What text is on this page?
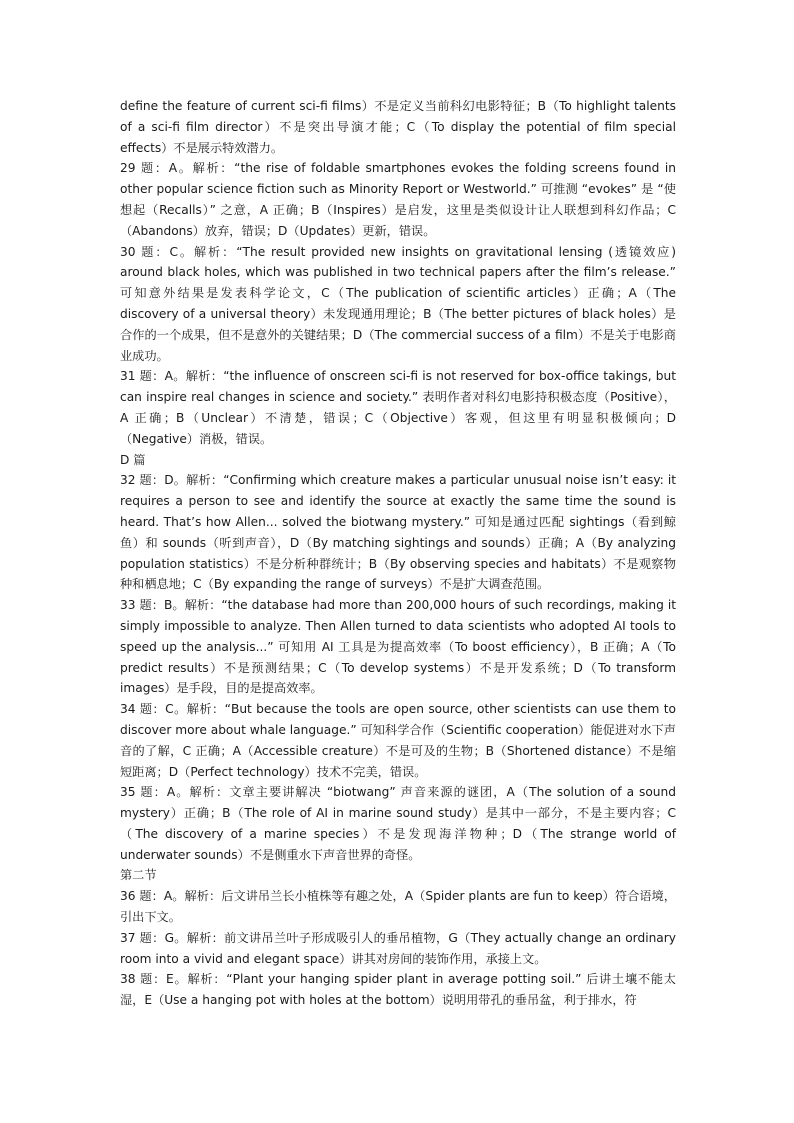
define the feature of current sci‐fi films）不是定义当前科幻电影特征；B（To highlight talents of a sci‐fi film director）不是突出导演才能；C（To display the potential of film special effects）不是展示特效潜力。

29 题：A。解析：“the rise of foldable smartphones evokes the folding screens found in other popular science fiction such as Minority Report or Westworld.” 可推测 “evokes” 是 “使想起（Recalls）” 之意，A 正确；B（Inspires）是启发，这里是类似设计让人联想到科幻作品；C（Abandons）放弃，错误；D（Updates）更新，错误。

30 题：C。解析：“The result provided new insights on gravitational lensing (透镜效应) around black holes, which was published in two technical papers after the film’s release.” 可知意外结果是发表科学论文，C（The publication of scientific articles）正确；A（The discovery of a universal theory）未发现通用理论；B（The better pictures of black holes）是合作的一个成果，但不是意外的关键结果；D（The commercial success of a film）不是关于电影商业成功。

31 题：A。解析：“the influence of onscreen sci‐fi is not reserved for box‐office takings, but can inspire real changes in science and society.” 表明作者对科幻电影持积极态度（Positive），A 正确；B（Unclear）不清楚，错误；C（Objective）客观，但这里有明显积极倾向；D（Negative）消极，错误。

D 篇

32 题：D。解析：“Confirming which creature makes a particular unusual noise isn’t easy: it requires a person to see and identify the source at exactly the same time the sound is heard. That’s how Allen... solved the biotwang mystery.” 可知是通过匹配 sightings（看到鲸鱼）和 sounds（听到声音），D（By matching sightings and sounds）正确；A（By analyzing population statistics）不是分析种群统计；B（By observing species and habitats）不是观察物种和栖息地；C（By expanding the range of surveys）不是扩大调查范围。

33 题：B。解析：“the database had more than 200,000 hours of such recordings, making it simply impossible to analyze. Then Allen turned to data scientists who adopted AI tools to speed up the analysis...” 可知用 AI 工具是为提高效率（To boost efficiency），B 正确；A（To predict results）不是预测结果；C（To develop systems）不是开发系统；D（To transform images）是手段，目的是提高效率。

34 题：C。解析：“But because the tools are open source, other scientists can use them to discover more about whale language.” 可知科学合作（Scientific cooperation）能促进对水下声音的了解，C 正确；A（Accessible creature）不是可及的生物；B（Shortened distance）不是缩短距离；D（Perfect technology）技术不完美，错误。

35 题：A。解析：文章主要讲解决 “biotwang” 声音来源的谜团，A（The solution of a sound mystery）正确；B（The role of AI in marine sound study）是其中一部分，不是主要内容；C（The discovery of a marine species）不是发现海洋物种；D（The strange world of underwater sounds）不是侧重水下声音世界的奇怪。

第二节

36 题：A。解析：后文讲吊兰长小植株等有趣之处，A（Spider plants are fun to keep）符合语境，引出下文。

37 题：G。解析：前文讲吊兰叶子形成吸引人的垂吊植物，G（They actually change an ordinary room into a vivid and elegant space）讲其对房间的装饰作用，承接上文。

38 题：E。解析：“Plant your hanging spider plant in average potting soil.” 后讲土壤不能太湿，E（Use a hanging pot with holes at the bottom）说明用带孔的垂吊盆，利于排水，符
